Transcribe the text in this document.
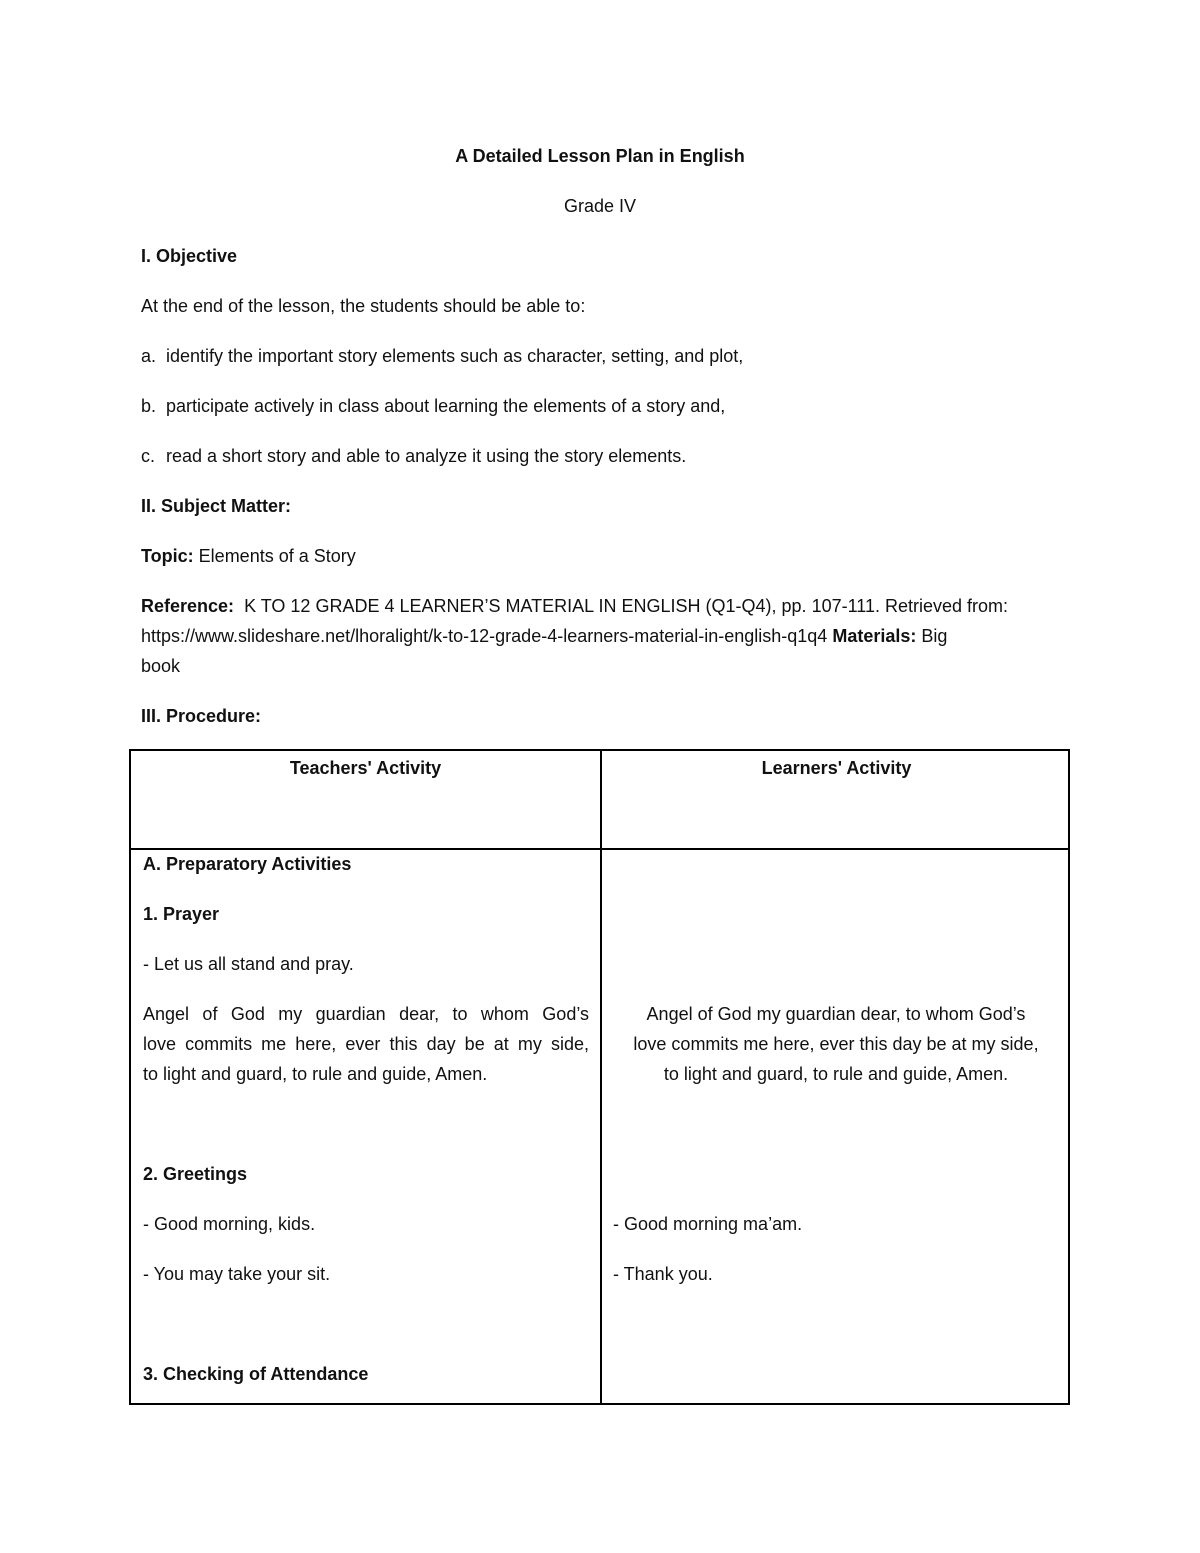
A Detailed Lesson Plan in English
Grade IV
I. Objective
At the end of the lesson, the students should be able to:
a. identify the important story elements such as character, setting, and plot,
b. participate actively in class about learning the elements of a story and,
c. read a short story and able to analyze it using the story elements.
II. Subject Matter:
Topic: Elements of a Story
Reference: K TO 12 GRADE 4 LEARNER’S MATERIAL IN ENGLISH (Q1-Q4), pp. 107-111. Retrieved from:
https://www.slideshare.net/lhoralight/k-to-12-grade-4-learners-material-in-english-q1q4 Materials: Big
book
III. Procedure:
Teachers' Activity	Learners' Activity
A. Preparatory Activities
1. Prayer
- Let us all stand and pray.
Angel of God my guardian dear, to whom God’s
love commits me here, ever this day be at my side,
to light and guard, to rule and guide, Amen.
Angel of God my guardian dear, to whom God’s
love commits me here, ever this day be at my side,
to light and guard, to rule and guide, Amen.
2. Greetings
- Good morning, kids.
- You may take your sit.
- Good morning ma’am.
- Thank you.
3. Checking of Attendance
